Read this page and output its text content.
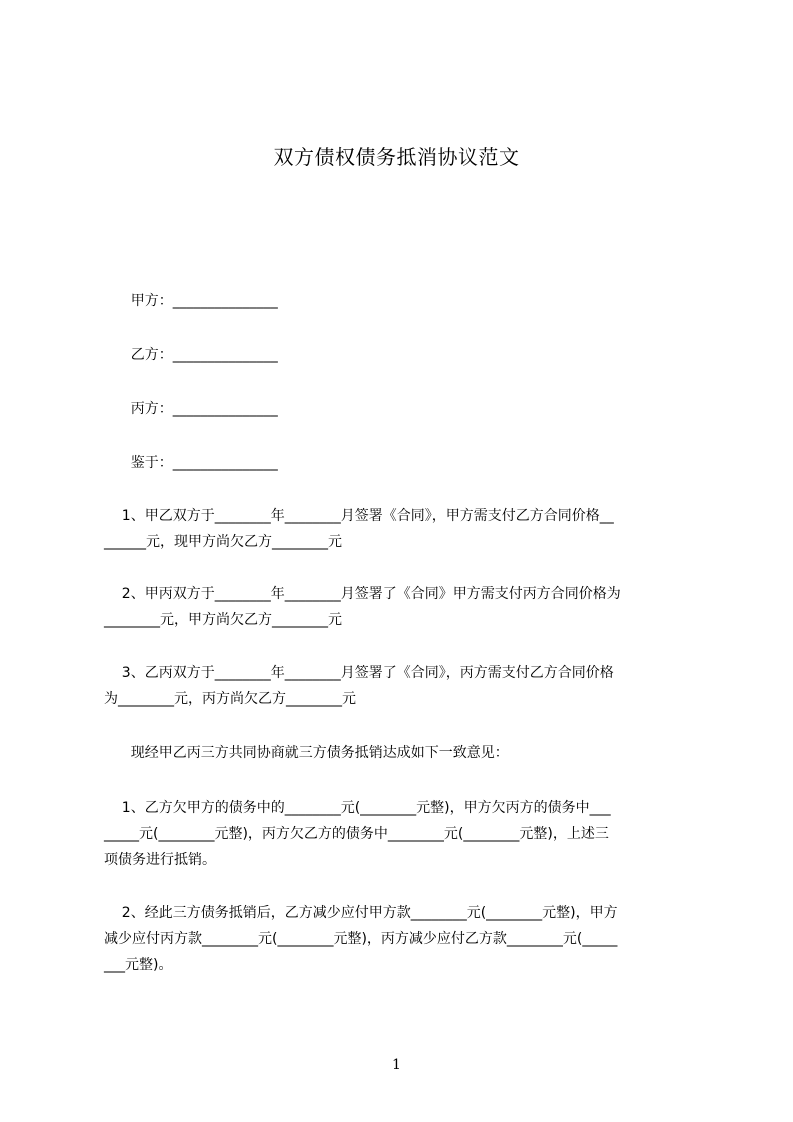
双方债权债务抵消协议范文
甲方：_______________
乙方：_______________
丙方：_______________
鉴于：_______________
1、甲乙双方于________年________月签署《合同》，甲方需支付乙方合同价格__
______元，现甲方尚欠乙方________元
2、甲丙双方于________年________月签署了《合同》甲方需支付丙方合同价格为
________元，甲方尚欠乙方________元
3、乙丙双方于________年________月签署了《合同》，丙方需支付乙方合同价格
为________元，丙方尚欠乙方________元
现经甲乙丙三方共同协商就三方债务抵销达成如下一致意见：
1、乙方欠甲方的债务中的________元(________元整)，甲方欠丙方的债务中___
_____元(________元整)，丙方欠乙方的债务中________元(________元整)，上述三
项债务进行抵销。
2、经此三方债务抵销后，乙方减少应付甲方款________元(________元整)，甲方
减少应付丙方款________元(________元整)，丙方减少应付乙方款________元(_____
___元整)。
1
